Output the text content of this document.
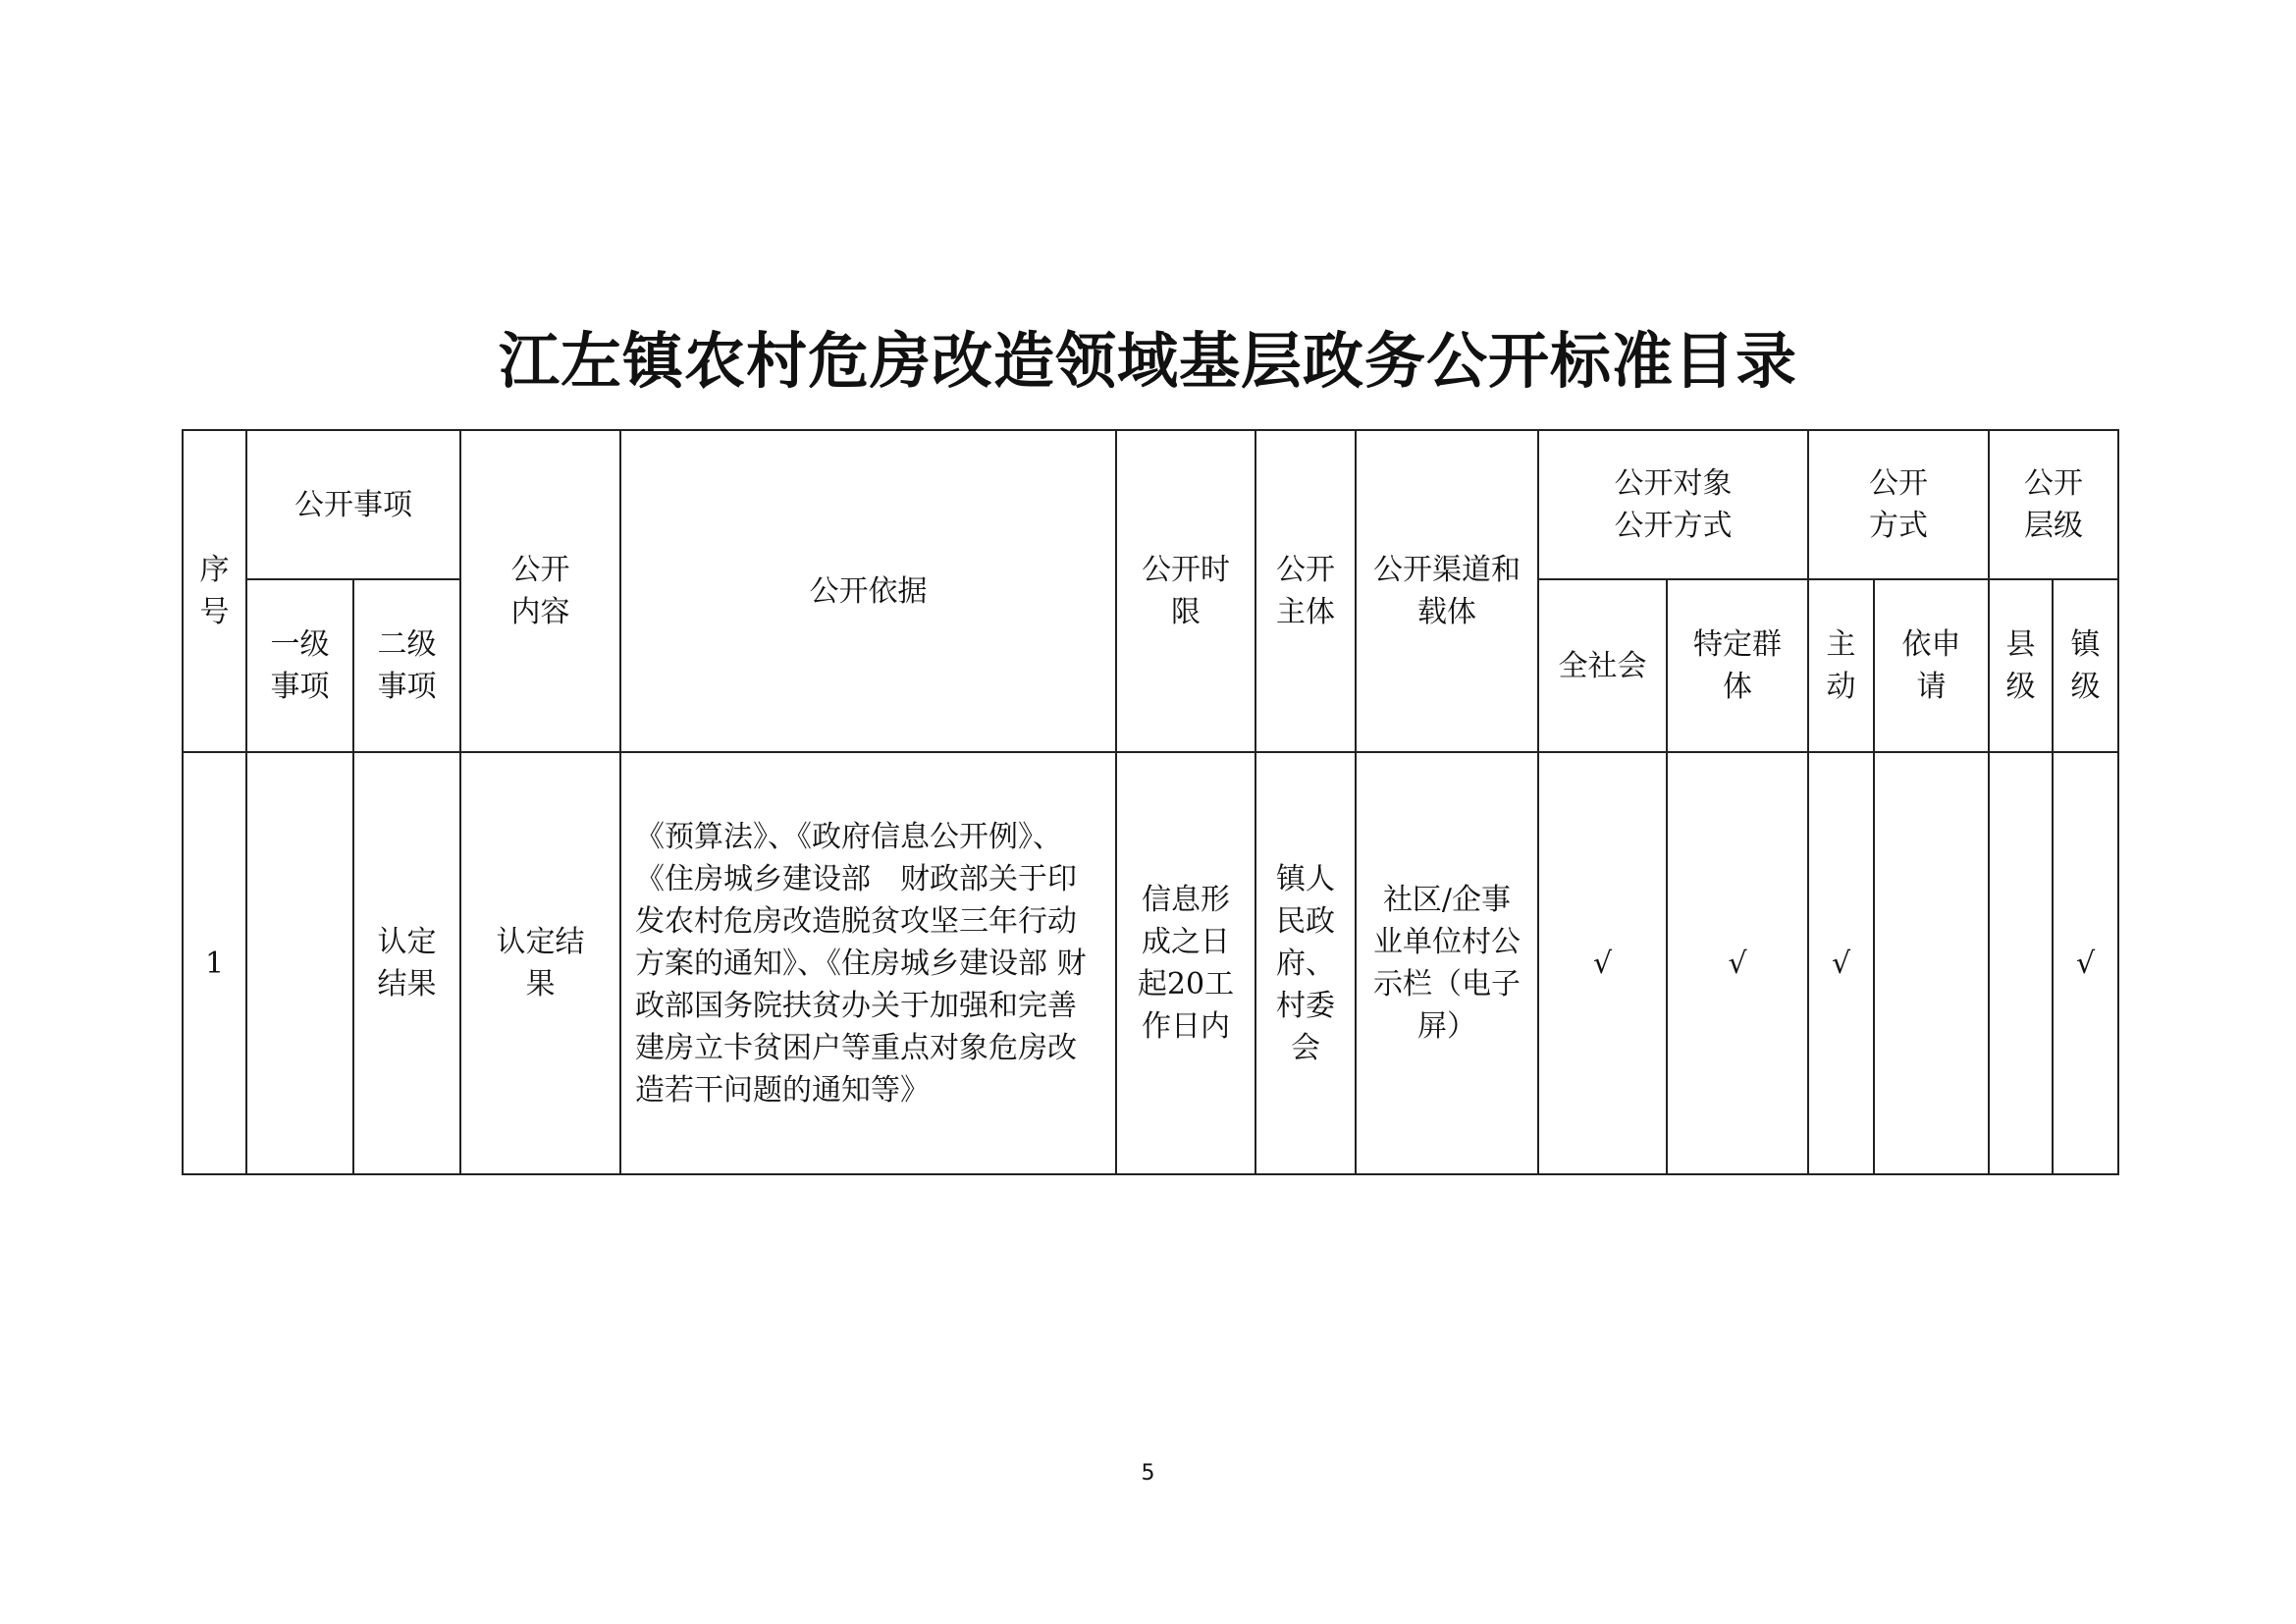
江左镇农村危房改造领域基层政务公开标准目录
序号	公开事项		公开内容	公开依据	公开时限	公开主体	公开渠道和载体	公开对象公开方式		公开方式		公开层级	
	一级事项	二级事项						全社会	特定群体	主动	依申请	县级	镇级
1		认定结果	认定结果	《预算法》、《政府信息公开例》、《住房城乡建设部　财政部关于印发农村危房改造脱贫攻坚三年行动方案的通知》、《住房城乡建设部 财政部国务院扶贫办关于加强和完善建房立卡贫困户等重点对象危房改造若干问题的通知等》	信息形成之日起20工作日内	镇人民政府、村委会	社区/企事业单位村公示栏（电子屏）	√	√	√			√
5
